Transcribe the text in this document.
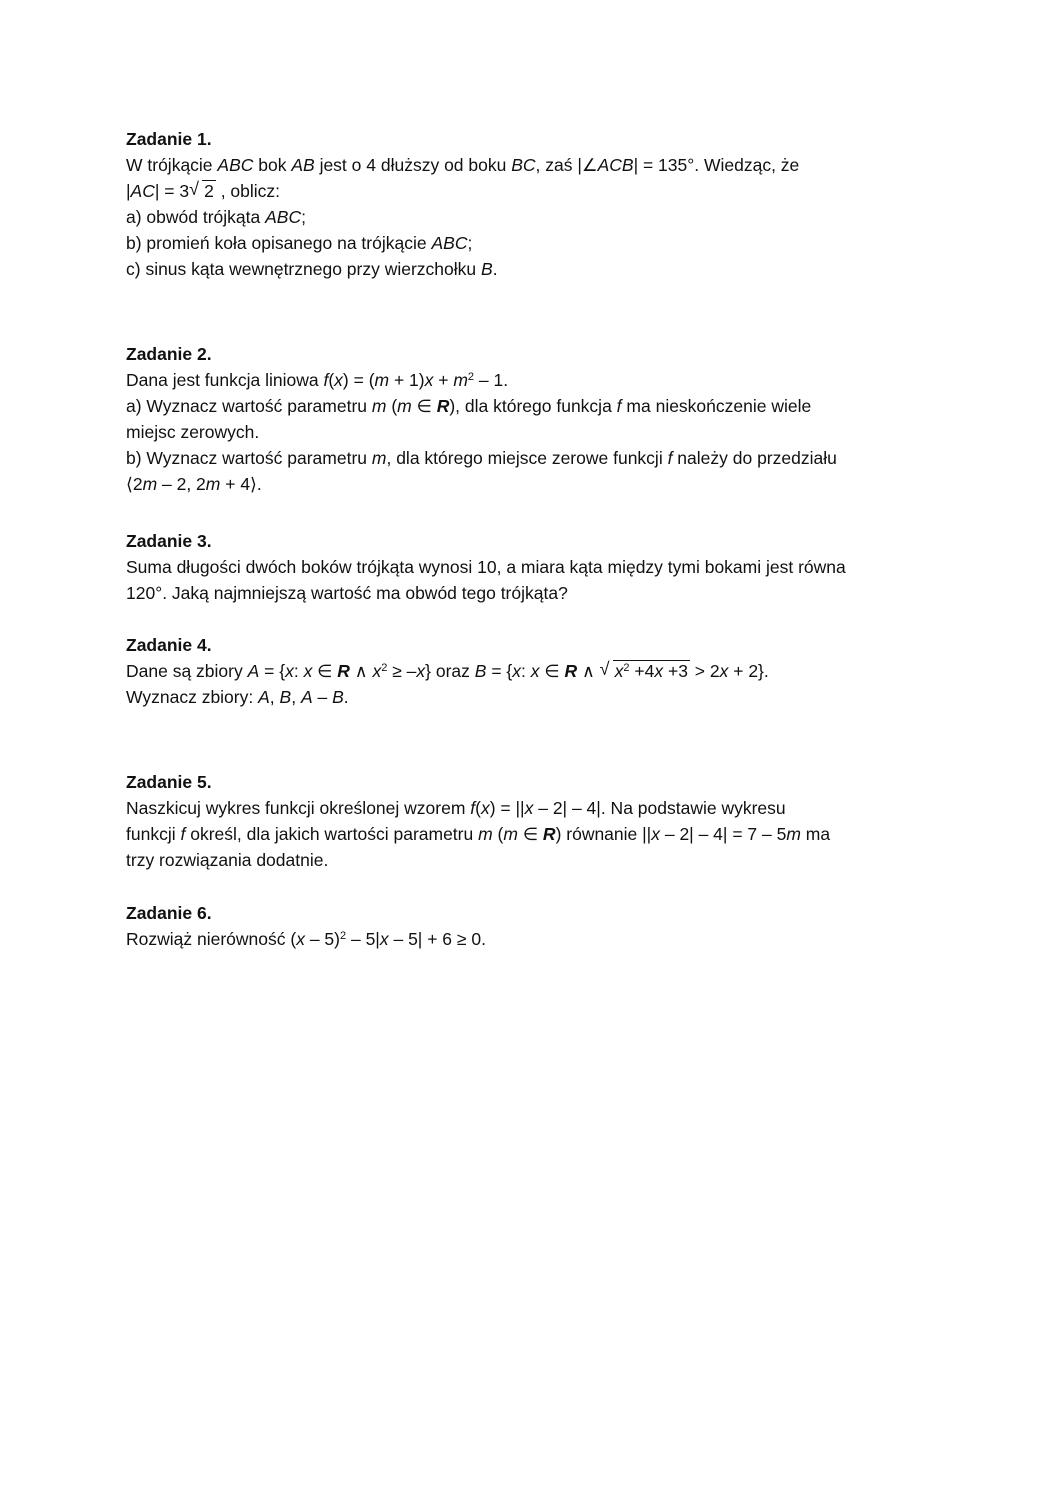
Zadanie 1.

W trójkącie ABC bok AB jest o 4 dłuższy od boku BC, zaś |∠ACB| = 135°. Wiedząc, że

|AC| = 3 √ 2 , oblicz:

a) obwód trójkąta ABC;

b) promień koła opisanego na trójkącie ABC;

c) sinus kąta wewnętrznego przy wierzchołku B.

Zadanie 2.

Dana jest funkcja liniowa $f(x) = (m + 1)x + m^2 - 1$.

a) Wyznacz wartość parametru m (m ∈ R), dla którego funkcja f ma nieskończenie wiele

miejsc zerowych.

b) Wyznacz wartość parametru m, dla którego miejsce zerowe funkcji f należy do przedziału

⟨2m – 2, 2m + 4⟩.

Zadanie 3.

Suma długości dwóch boków trójkąta wynosi 10, a miara kąta między tymi bokami jest równa

120°. Jaką najmniejszą wartość ma obwód tego trójkąta?

Zadanie 4.

Dane są zbiory A = {x: x ∈ R ∧ $x^2 \ge -x$} oraz B = {x: x ∈ R ∧ √ $x^2 +4x +3 > 2x + 2$}.

Wyznacz zbiory: A, B, A – B.

Zadanie 5.

Naszkicuj wykres funkcji określonej wzorem f(x) = ||x – 2| – 4|. Na podstawie wykresu

funkcji f określ, dla jakich wartości parametru m (m ∈ R) równanie ||x – 2| – 4| = 7 – 5m ma

trzy rozwiązania dodatnie.

Zadanie 6.

Rozwiąż nierówność (x – 5)$^2$ – 5|x – 5| + 6 ≥ 0.
